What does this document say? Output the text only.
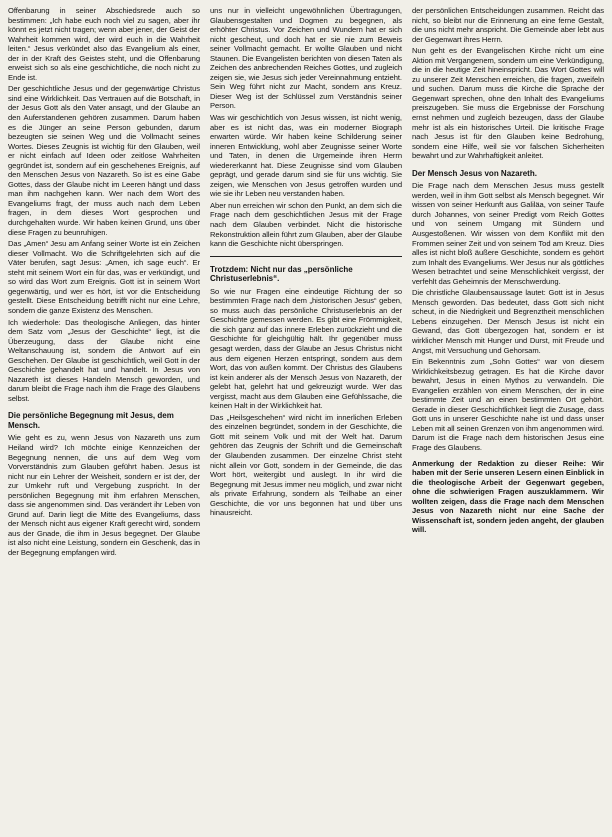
Offenbarung in seiner Abschiedsrede auch so bestimmen: „Ich habe euch noch viel zu sagen, aber ihr könnt es jetzt nicht tragen; wenn aber jener, der Geist der Wahrheit kommen wird, der wird euch in die Wahrheit leiten.“ Jesus verkündet also das Evangelium als einer, der in der Kraft des Geistes steht, und die Offenbarung erweist sich so als eine geschichtliche, die noch nicht zu Ende ist.

Der geschichtliche Jesus und der gegenwärtige Christus sind eine Wirklichkeit. Das Vertrauen auf die Botschaft, in der Jesus Gott als den Vater ansagt, und der Glaube an den Auferstandenen gehören zusammen. Darum haben es die Jünger an seine Person gebunden, darum bezeugten sie seinen Weg und die Vollmacht seines Wortes. Dieses Zeugnis ist wichtig für den Glauben, weil er nicht einfach auf Ideen oder zeitlose Wahrheiten gegründet ist, sondern auf ein geschehenes Ereignis, auf den Menschen Jesus von Nazareth. So ist es eine Gabe Gottes, dass der Glaube nicht im Leeren hängt und dass man ihm nachgehen kann. Wer nach dem Wort des Evangeliums fragt, der muss auch nach dem Leben fragen, in dem dieses Wort gesprochen und durchgehalten wurde. Wir haben keinen Grund, uns über diese Fragen zu beunruhigen.

Das „Amen“ Jesu am Anfang seiner Worte ist ein Zeichen dieser Vollmacht. Wo die Schriftgelehrten sich auf die Väter berufen, sagt Jesus: „Amen, ich sage euch“. Er steht mit seinem Wort ein für das, was er verkündigt, und so wird das Wort zum Ereignis. Gott ist in seinem Wort gegenwärtig, und wer es hört, ist vor die Entscheidung gestellt. Diese Entscheidung betrifft nicht nur eine Lehre, sondern die ganze Existenz des Menschen.

Ich wiederhole: Das theologische Anliegen, das hinter dem Satz vom „Jesus der Geschichte“ liegt, ist die Überzeugung, dass der Glaube nicht eine Weltanschauung ist, sondern die Antwort auf ein Geschehen. Der Glaube ist geschichtlich, weil Gott in der Geschichte gehandelt hat und handelt. In Jesus von Nazareth ist dieses Handeln Mensch geworden, und darum bleibt die Frage nach ihm die Frage des Glaubens selbst.

Die persönliche Begegnung mit Jesus, dem Mensch.

Wie geht es zu, wenn Jesus von Nazareth uns zum Heiland wird? Ich möchte einige Kennzeichen der Begegnung nennen, die uns auf dem Weg vom Vorverständnis zum Glauben geführt haben. Jesus ist nicht nur ein Lehrer der Weisheit, sondern er ist der, der zur Umkehr ruft und Vergebung zuspricht. In der persönlichen Begegnung mit ihm erfahren Menschen, dass sie angenommen sind. Das verändert ihr Leben von Grund auf. Darin liegt die Mitte des Evangeliums, dass der Mensch nicht aus eigener Kraft gerecht wird, sondern aus der Gnade, die ihm in Jesus begegnet. Der Glaube ist also nicht eine Leistung, sondern ein Geschenk, das in der Begegnung empfangen wird.

uns nur in vielleicht ungewöhnlichen Übertragungen, Glaubensgestalten und Dogmen zu begegnen, als erhöhter Christus. Vor Zeichen und Wundern hat er sich nicht gescheut, und doch hat er sie nie zum Beweis seiner Vollmacht gemacht. Er wollte Glauben und nicht Staunen. Die Evangelisten berichten von diesen Taten als Zeichen des anbrechenden Reiches Gottes, und zugleich zeigen sie, wie Jesus sich jeder Vereinnahmung entzieht. Sein Weg führt nicht zur Macht, sondern ans Kreuz. Dieser Weg ist der Schlüssel zum Verständnis seiner Person.

Was wir geschichtlich von Jesus wissen, ist nicht wenig, aber es ist nicht das, was ein moderner Biograph erwarten würde. Wir haben keine Schilderung seiner inneren Entwicklung, wohl aber Zeugnisse seiner Worte und Taten, in denen die Urgemeinde ihren Herrn wiedererkannt hat. Diese Zeugnisse sind vom Glauben geprägt, und gerade darum sind sie für uns wichtig. Sie zeigen, wie Menschen von Jesus getroffen wurden und wie sie ihr Leben neu verstanden haben.

Aber nun erreichen wir schon den Punkt, an dem sich die Frage nach dem geschichtlichen Jesus mit der Frage nach dem Glauben verbindet. Nicht die historische Rekonstruktion allein führt zum Glauben, aber der Glaube kann die Geschichte nicht überspringen.

Trotzdem: Nicht nur das „persönliche Christuserlebnis“.

So wie nur Fragen eine eindeutige Richtung der so bestimmten Frage nach dem „historischen Jesus“ geben, so muss auch das persönliche Christuserlebnis an der Geschichte gemessen werden. Es gibt eine Frömmigkeit, die sich ganz auf das innere Erleben zurückzieht und die Geschichte für gleichgültig hält. Ihr gegenüber muss gesagt werden, dass der Glaube an Jesus Christus nicht aus dem eigenen Herzen entspringt, sondern aus dem Wort, das von außen kommt. Der Christus des Glaubens ist kein anderer als der Mensch Jesus von Nazareth, der gelebt hat, gelehrt hat und gekreuzigt wurde. Wer das vergisst, macht aus dem Glauben eine Gefühlssache, die keinen Halt in der Wirklichkeit hat.

Das „Heilsgeschehen“ wird nicht im innerlichen Erleben des einzelnen begründet, sondern in der Geschichte, die Gott mit seinem Volk und mit der Welt hat. Darum gehören das Zeugnis der Schrift und die Gemeinschaft der Glaubenden zusammen. Der einzelne Christ steht nicht allein vor Gott, sondern in der Gemeinde, die das Wort hört, weitergibt und auslegt. In ihr wird die Begegnung mit Jesus immer neu möglich, und zwar nicht als private Erfahrung, sondern als Teilhabe an einer Geschichte, die vor uns begonnen hat und über uns hinausreicht.

der persönlichen Entscheidungen zusammen. Reicht das nicht, so bleibt nur die Erinnerung an eine ferne Gestalt, die uns nicht mehr anspricht. Die Gemeinde aber lebt aus der Gegenwart ihres Herrn.

Nun geht es der Evangelischen Kirche nicht um eine Aktion mit Vergangenem, sondern um eine Verkündigung, die in die heutige Zeit hineinspricht. Das Wort Gottes will zu unserer Zeit Menschen erreichen, die fragen, zweifeln und suchen. Darum muss die Kirche die Sprache der Gegenwart sprechen, ohne den Inhalt des Evangeliums preiszugeben. Sie muss die Ergebnisse der Forschung ernst nehmen und zugleich bezeugen, dass der Glaube mehr ist als ein historisches Urteil. Die kritische Frage nach Jesus ist für den Glauben keine Bedrohung, sondern eine Hilfe, weil sie vor falschen Sicherheiten bewahrt und zur Wahrhaftigkeit anleitet.

Der Mensch Jesus von Nazareth.

Die Frage nach dem Menschen Jesus muss gestellt werden, weil in ihm Gott selbst als Mensch begegnet. Wir wissen von seiner Herkunft aus Galiläa, von seiner Taufe durch Johannes, von seiner Predigt vom Reich Gottes und von seinem Umgang mit Sündern und Ausgestoßenen. Wir wissen von dem Konflikt mit den Frommen seiner Zeit und von seinem Tod am Kreuz. Dies alles ist nicht bloß äußere Geschichte, sondern es gehört zum Inhalt des Evangeliums. Wer Jesus nur als göttliches Wesen betrachtet und seine Menschlichkeit vergisst, der verfehlt das Geheimnis der Menschwerdung.

Die christliche Glaubensaussage lautet: Gott ist in Jesus Mensch geworden. Das bedeutet, dass Gott sich nicht scheut, in die Niedrigkeit und Begrenztheit menschlichen Lebens einzugehen. Der Mensch Jesus ist nicht ein Gewand, das Gott übergezogen hat, sondern er ist wirklicher Mensch mit Hunger und Durst, mit Freude und Angst, mit Versuchung und Gehorsam.

Ein Bekenntnis zum „Sohn Gottes“ war von diesem Wirklichkeitsbezug getragen. Es hat die Kirche davor bewahrt, Jesus in einen Mythos zu verwandeln. Die Evangelien erzählen von einem Menschen, der in eine bestimmte Zeit und an einen bestimmten Ort gehört. Gerade in dieser Geschichtlichkeit liegt die Zusage, dass Gott uns in unserer Geschichte nahe ist und dass unser Leben mit all seinen Grenzen von ihm angenommen wird. Darum ist die Frage nach dem historischen Jesus eine Frage des Glaubens.

Anmerkung der Redaktion zu dieser Reihe: Wir haben mit der Serie unseren Lesern einen Einblick in die theologische Arbeit der Gegenwart gegeben, ohne die schwierigen Fragen auszuklammern. Wir wollten zeigen, dass die Frage nach dem Menschen Jesus von Nazareth nicht nur eine Sache der Wissenschaft ist, sondern jeden angeht, der glauben will.
